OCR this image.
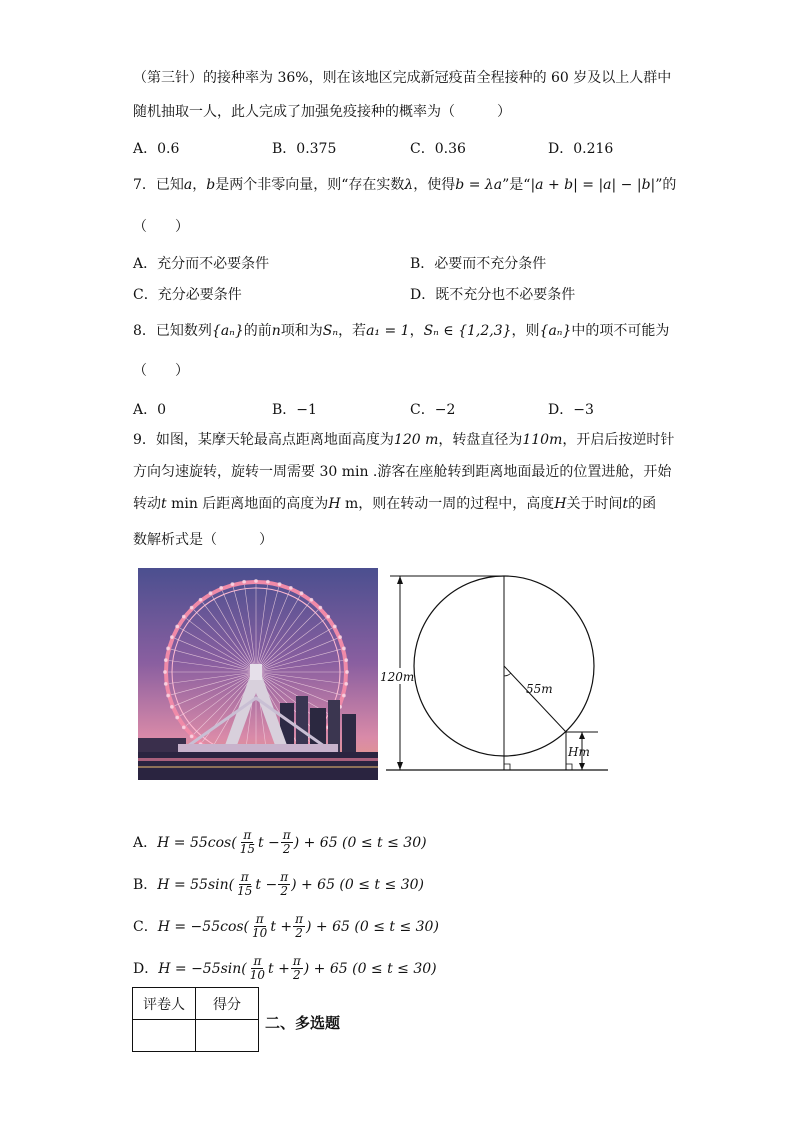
（第三针）的接种率为 36%，则在该地区完成新冠疫苗全程接种的 60 岁及以上人群中
随机抽取一人，此人完成了加强免疫接种的概率为（　　　）
A．0.6	B．0.375	C．0.36	D．0.216
7．已知a，b是两个非零向量，则“存在实数λ，使得b = λa”是“|a + b| = |a| − |b|”的
（　　）
A．充分而不必要条件	B．必要而不充分条件
C．充分必要条件	D．既不充分也不必要条件
8．已知数列{aₙ}的前n项和为Sₙ，若a₁ = 1，Sₙ ∈ {1,2,3}，则{aₙ}中的项不可能为
（　　）
A．0	B．−1	C．−2	D．−3
9．如图，某摩天轮最高点距离地面高度为120 m，转盘直径为110m，开启后按逆时针
方向匀速旋转，旋转一周需要 30 min .游客在座舱转到距离地面最近的位置进舱，开始
转动t min 后距离地面的高度为H m，则在转动一周的过程中，高度H关于时间t的函
数解析式是（　　　）
120m
55m
Hm
A． $H = 55\cos( \frac{\pi}{15}$ $t - \frac{\pi}{2}$ ) + 65 (0 ≤ t ≤ 30)
B． $H = 55\sin( \frac{\pi}{15}$ $t - \frac{\pi}{2}$ ) + 65 (0 ≤ t ≤ 30)
C． $H = -55\cos( \frac{\pi}{10}$ $t + \frac{\pi}{2}$ ) + 65 (0 ≤ t ≤ 30)
D． $H = -55\sin( \frac{\pi}{10}$ $t + \frac{\pi}{2}$ ) + 65 (0 ≤ t ≤ 30)
评卷人	得分

二、多选题
